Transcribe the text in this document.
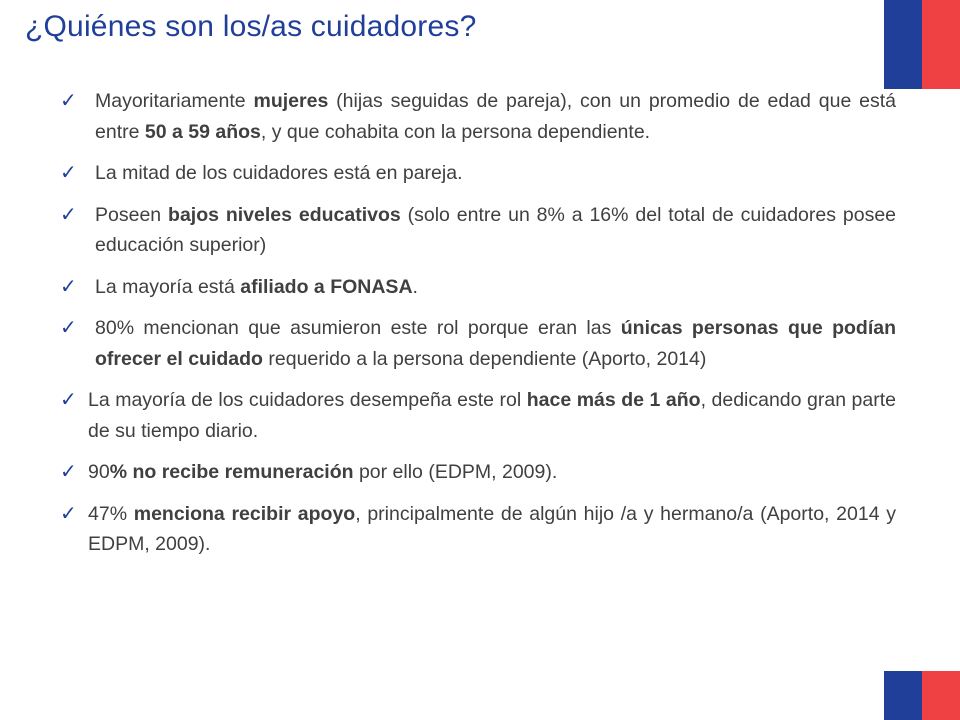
¿Quiénes son los/as cuidadores?
✓ Mayoritariamente mujeres (hijas seguidas de pareja), con un promedio de edad que está entre 50 a 59 años, y que cohabita con la persona dependiente.
✓ La mitad de los cuidadores está en pareja.
✓ Poseen bajos niveles educativos (solo entre un 8% a 16% del total de cuidadores posee educación superior)
✓ La mayoría está afiliado a FONASA.
✓ 80% mencionan que asumieron este rol porque eran las únicas personas que podían ofrecer el cuidado requerido a la persona dependiente (Aporto, 2014)
✓ La mayoría de los cuidadores desempeña este rol hace más de 1 año, dedicando gran parte de su tiempo diario.
✓ 90% no recibe remuneración por ello (EDPM, 2009).
✓ 47% menciona recibir apoyo, principalmente de algún hijo /a y hermano/a (Aporto, 2014 y EDPM, 2009).
